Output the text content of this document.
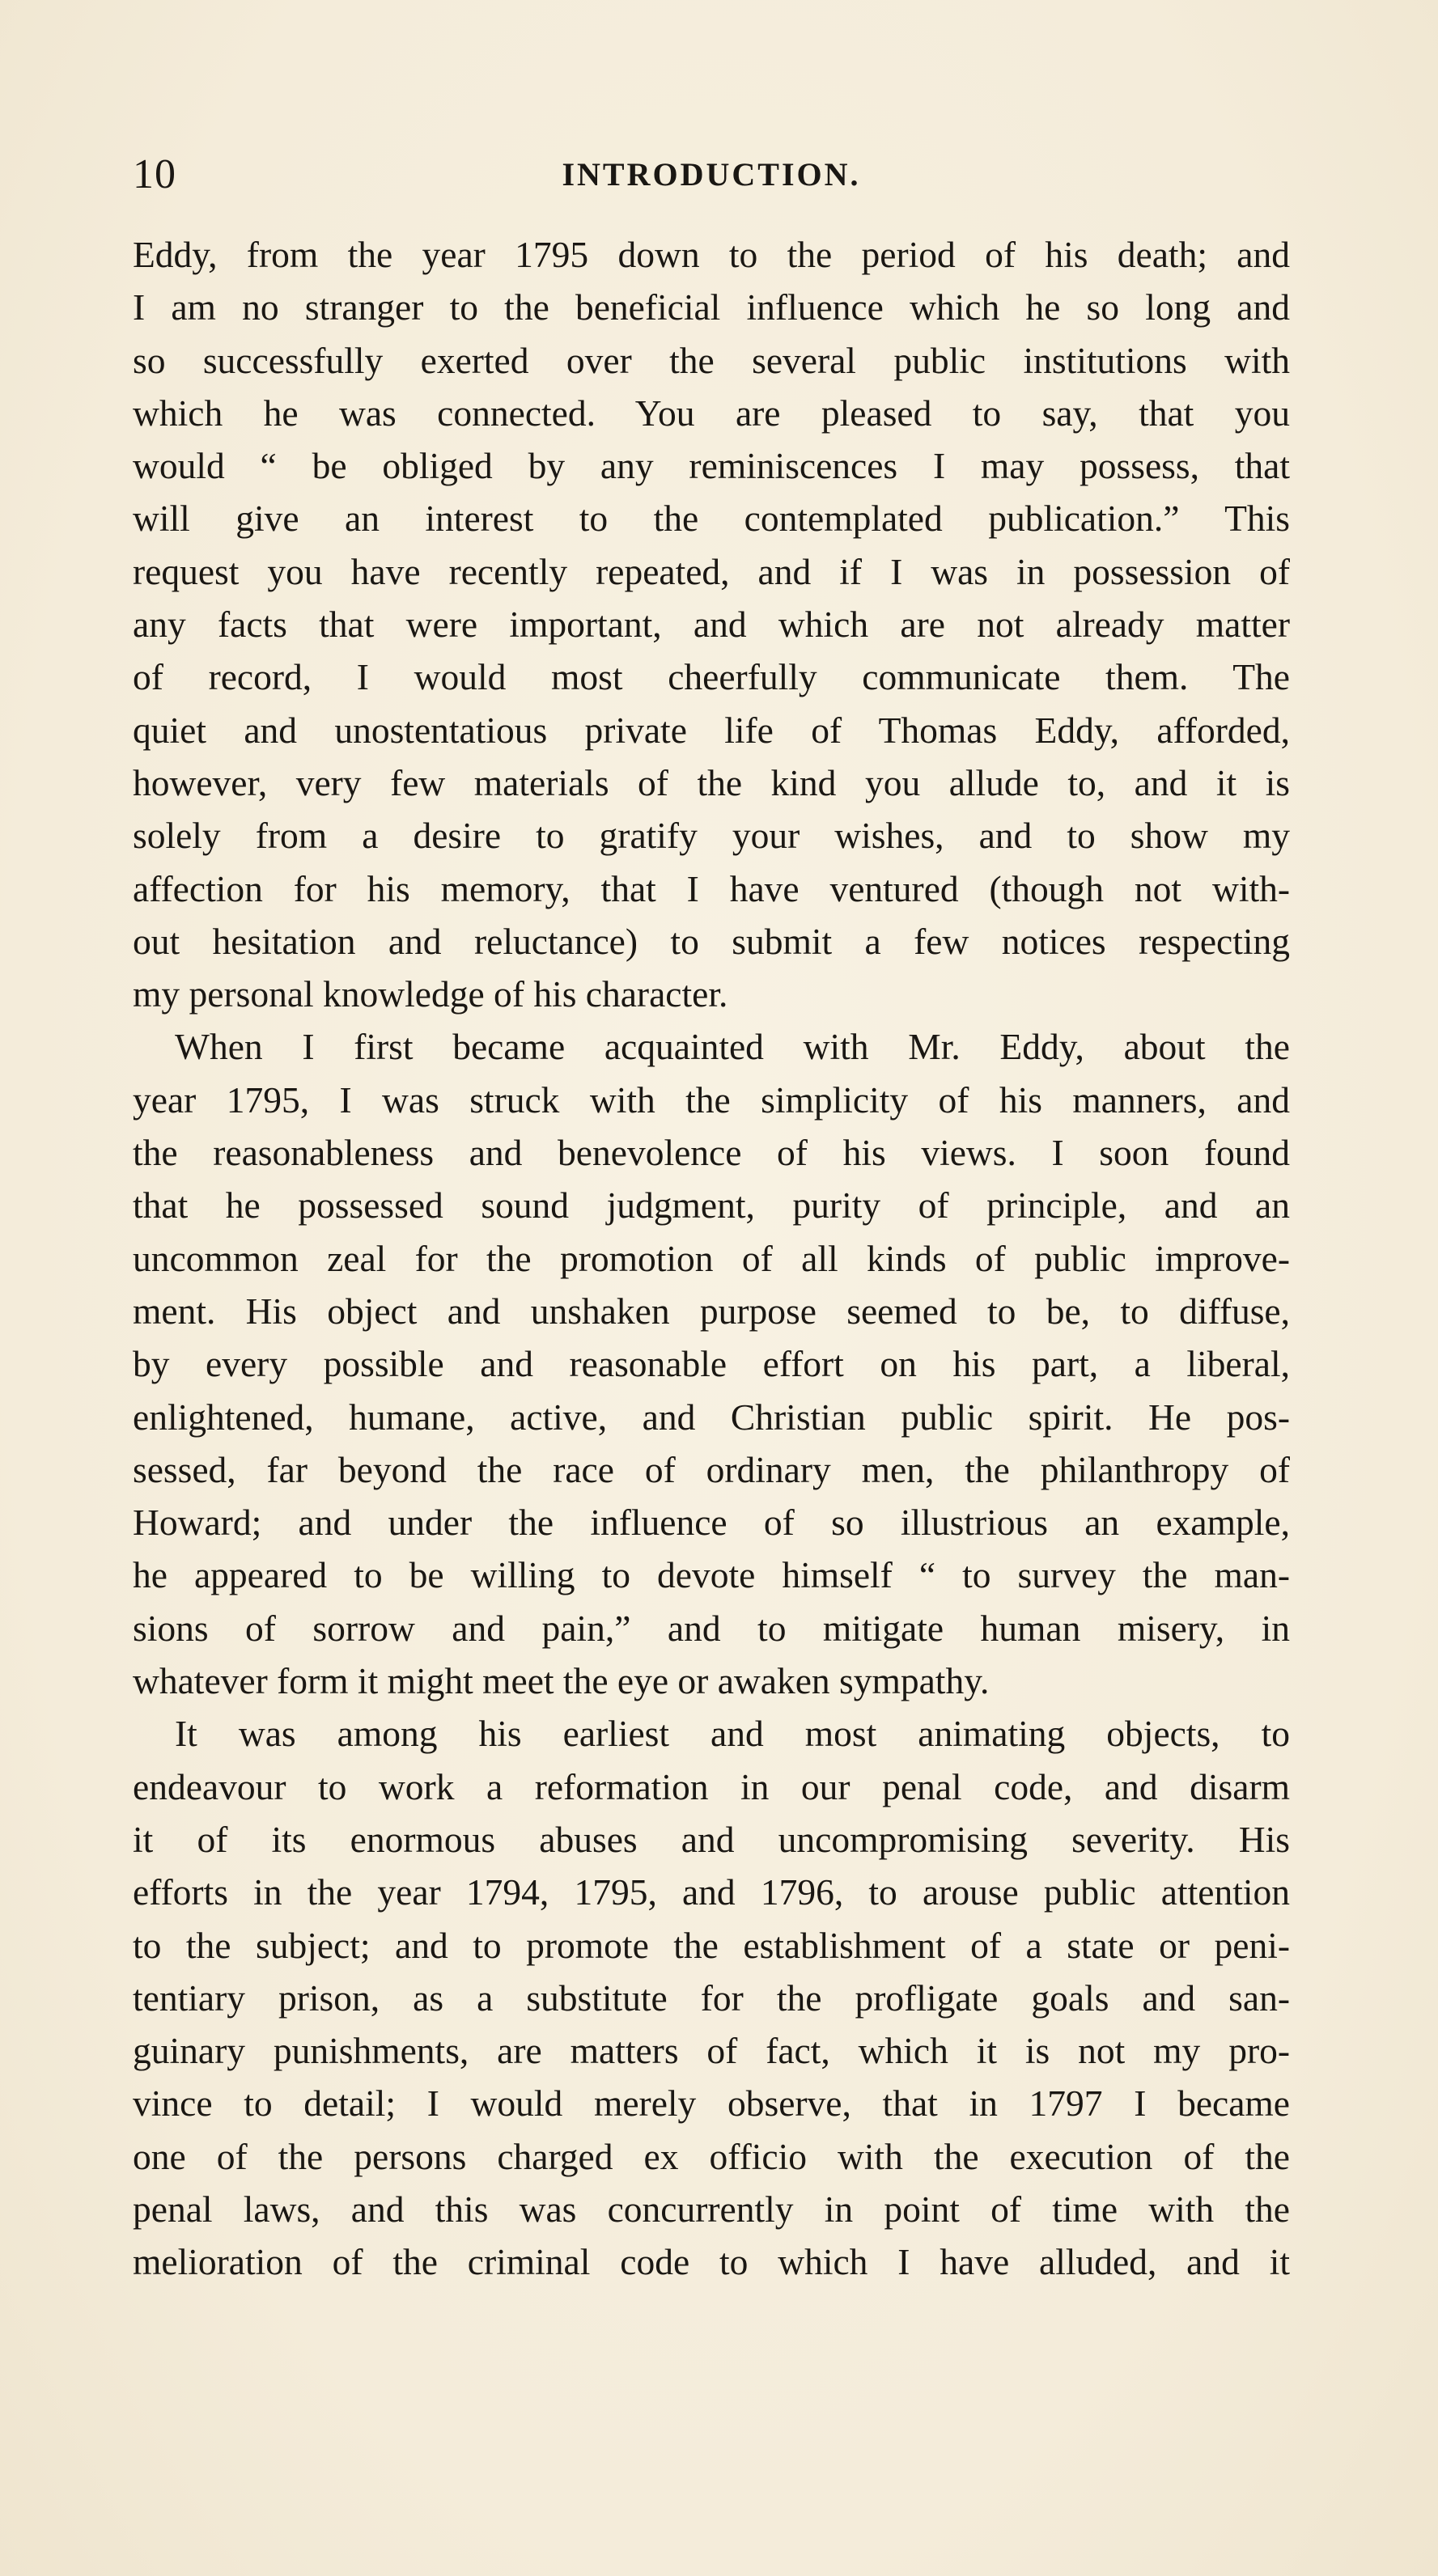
10	INTRODUCTION.
Eddy, from the year 1795 down to the period of his death; and
I am no stranger to the beneficial influence which he so long and
so successfully exerted over the several public institutions with
which he was connected. You are pleased to say, that you
would “ be obliged by any reminiscences I may possess, that
will give an interest to the contemplated publication.” This
request you have recently repeated, and if I was in possession of
any facts that were important, and which are not already matter
of record, I would most cheerfully communicate them. The
quiet and unostentatious private life of Thomas Eddy, afforded,
however, very few materials of the kind you allude to, and it is
solely from a desire to gratify your wishes, and to show my
affection for his memory, that I have ventured (though not with-
out hesitation and reluctance) to submit a few notices respecting
my personal knowledge of his character.
When I first became acquainted with Mr. Eddy, about the
year 1795, I was struck with the simplicity of his manners, and
the reasonableness and benevolence of his views. I soon found
that he possessed sound judgment, purity of principle, and an
uncommon zeal for the promotion of all kinds of public improve-
ment. His object and unshaken purpose seemed to be, to diffuse,
by every possible and reasonable effort on his part, a liberal,
enlightened, humane, active, and Christian public spirit. He pos-
sessed, far beyond the race of ordinary men, the philanthropy of
Howard; and under the influence of so illustrious an example,
he appeared to be willing to devote himself “ to survey the man-
sions of sorrow and pain,” and to mitigate human misery, in
whatever form it might meet the eye or awaken sympathy.
It was among his earliest and most animating objects, to
endeavour to work a reformation in our penal code, and disarm
it of its enormous abuses and uncompromising severity. His
efforts in the year 1794, 1795, and 1796, to arouse public attention
to the subject; and to promote the establishment of a state or peni-
tentiary prison, as a substitute for the profligate goals and san-
guinary punishments, are matters of fact, which it is not my pro-
vince to detail; I would merely observe, that in 1797 I became
one of the persons charged ex officio with the execution of the
penal laws, and this was concurrently in point of time with the
melioration of the criminal code to which I have alluded, and it
